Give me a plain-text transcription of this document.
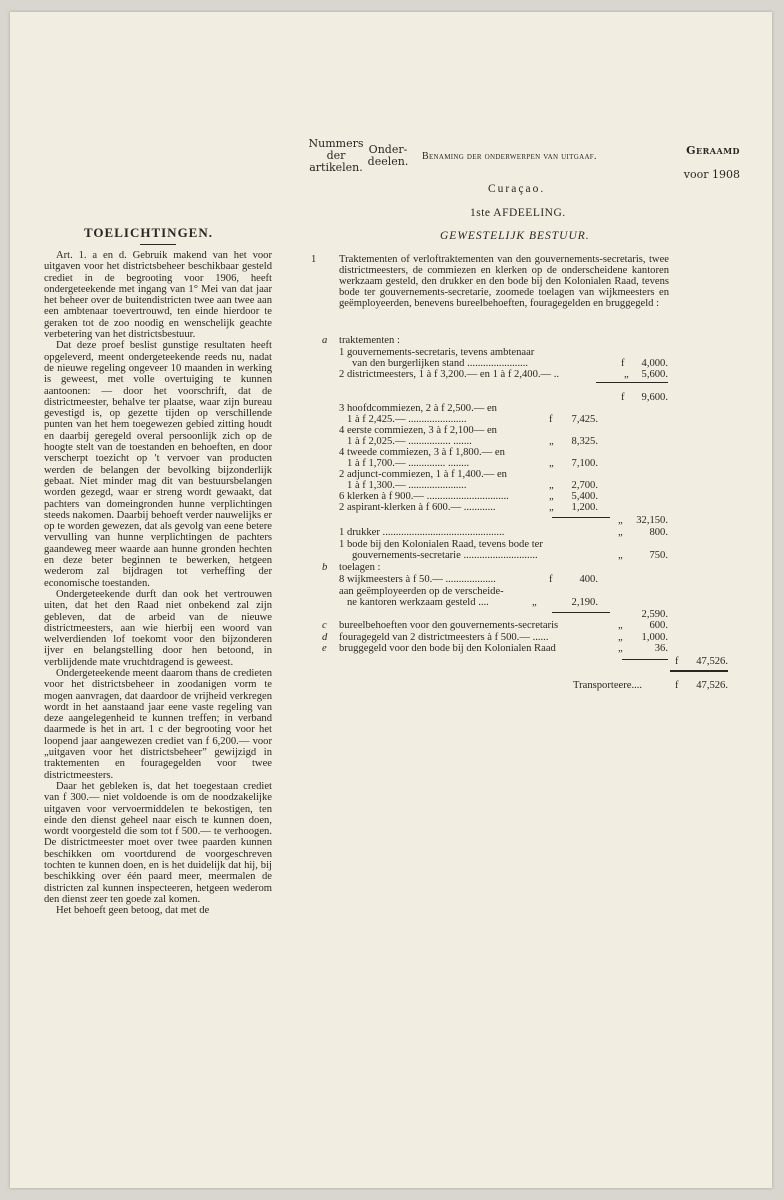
Nummers
der
artikelen.
Onder-
deelen. Benaming der onderwerpen van uitgaaf.	Geraamd
voor 1908
Curaçao.
1ste AFDEELING.
GEWESTELIJK BESTUUR.
TOELICHTINGEN.

Art. 1. a en d. Gebruik makend van het voor uitgaven voor het districtsbeheer beschikbaar gesteld crediet in de begrooting voor 1906, heeft ondergeteekende met ingang van 1° Mei van dat jaar het beheer over de buitendistricten twee aan twee aan een ambtenaar toevertrouwd, ten einde hierdoor te geraken tot de zoo noodig en wenschelijk geachte verbetering van het districtsbestuur.

Dat deze proef beslist gunstige resultaten heeft opgeleverd, meent ondergeteekende reeds nu, nadat de nieuwe regeling ongeveer 10 maanden in werking is geweest, met volle overtuiging te kunnen aantoonen: — door het voorschrift, dat de districtmeester, behalve ter plaatse, waar zijn bureau gevestigd is, op gezette tijden op verschillende punten van het hem toegewezen gebied zitting houdt en daarbij geregeld overal persoonlijk zich op de hoogte stelt van de toestanden en behoeften, en door verscherpt toezicht op 't vervoer van producten werden de belangen der bevolking bijzonderlijk gebaat. Niet minder mag dit van bestuursbelangen worden gezegd, waar er streng wordt gewaakt, dat pachters van domeingronden hunne verplichtingen steeds nakomen. Daarbij behoeft verder nauwelijks er op te worden gewezen, dat als gevolg van eene betere vervulling van hunne verplichtingen de pachters gaandeweg meer waarde aan hunne gronden hechten en deze beter beginnen te bewerken, hetgeen wederom zal bijdragen tot verheffing der economische toestanden.

Ondergeteekende durft dan ook het vertrouwen uiten, dat het den Raad niet onbekend zal zijn gebleven, dat de arbeid van de nieuwe districtmeesters, aan wie hierbij een woord van welverdienden lof toekomt voor den bijzonderen ijver en belangstelling door hen betoond, in verblijdende mate vruchtdragend is geweest.

Ondergeteekende meent daarom thans de credieten voor het districtsbeheer in zoodanigen vorm te mogen aanvragen, dat daardoor de vrijheid verkregen wordt in het aanstaand jaar eene vaste regeling van deze aangelegenheid te kunnen treffen; in verband daarmede is het in art. 1 c der begrooting voor het loopend jaar aangewezen crediet van f 6,200.— voor „uitgaven voor het districtsbeheer” gewijzigd in traktementen en fouragegelden voor twee districtmeesters.

Daar het gebleken is, dat het toegestaan crediet van f 300.— niet voldoende is om de noodzakelijke uitgaven voor vervoermiddelen te bekostigen, ten einde den dienst geheel naar eisch te kunnen doen, wordt voorgesteld die som tot f 500.— te verhoogen. De districtmeester moet over twee paarden kunnen beschikken om voortdurend de voorgeschreven tochten te kunnen doen, en is het duidelijk dat hij, bij beschikking over één paard meer, meermalen de districten zal kunnen inspecteeren, hetgeen wederom den dienst zeer ten goede zal komen.

Het behoeft geen betoog, dat met de

1 Traktementen of verloftraktementen van den gouvernements-secretaris, twee districtmeesters, de commiezen en klerken op de onderscheidene kantoren werkzaam gesteld, den drukker en den bode bij den Kolonialen Raad, tevens bode ter gouvernements-secretarie, zoomede toelagen van wijkmeesters en geëmployeerden, benevens bureelbehoeften, fouragegelden en bruggegeld :
a traktementen :
1 gouvernements-secretaris, tevens ambtenaar
van den burgerlijken stand .......................	f	4,000.
2 districtmeesters, 1 à f 3,200.— en 1 à f 2,400.— ..	„	5,600.
f	9,600.
3 hoofdcommiezen, 2 à f 2,500.— en
1 à f 2,425.— ......................	f	7,425.
4 eerste commiezen, 3 à f 2,100— en
1 à f 2,025.— ................ .......	„	8,325.
4 tweede commiezen, 3 à f 1,800.— en
1 à f 1,700.— .............. ........	„	7,100.
2 adjunct-commiezen, 1 à f 1,400.— en
1 à f 1,300.— ......................	„	2,700.
6 klerken à f 900.— ...............................	„	5,400.
2 aspirant-klerken à f 600.— ............	„	1,200.
„	32,150.
1 drukker ..............................................	„	800.
1 bode bij den Kolonialen Raad, tevens bode ter
gouvernements-secretarie ............................	„	750.
b toelagen :
8 wijkmeesters à f 50.— ...................	f	400.
aan geëmployeerden op de verscheide-
ne kantoren werkzaam gesteld ....	„	2,190.
2,590.
c bureelbehoeften voor den gouvernements-secretaris	„	600.
d fouragegeld van 2 districtmeesters à f 500.— ......	„	1,000.
e bruggegeld voor den bode bij den Kolonialen Raad	„	36.
f	47,526.
Transporteere....	f	47,526.
